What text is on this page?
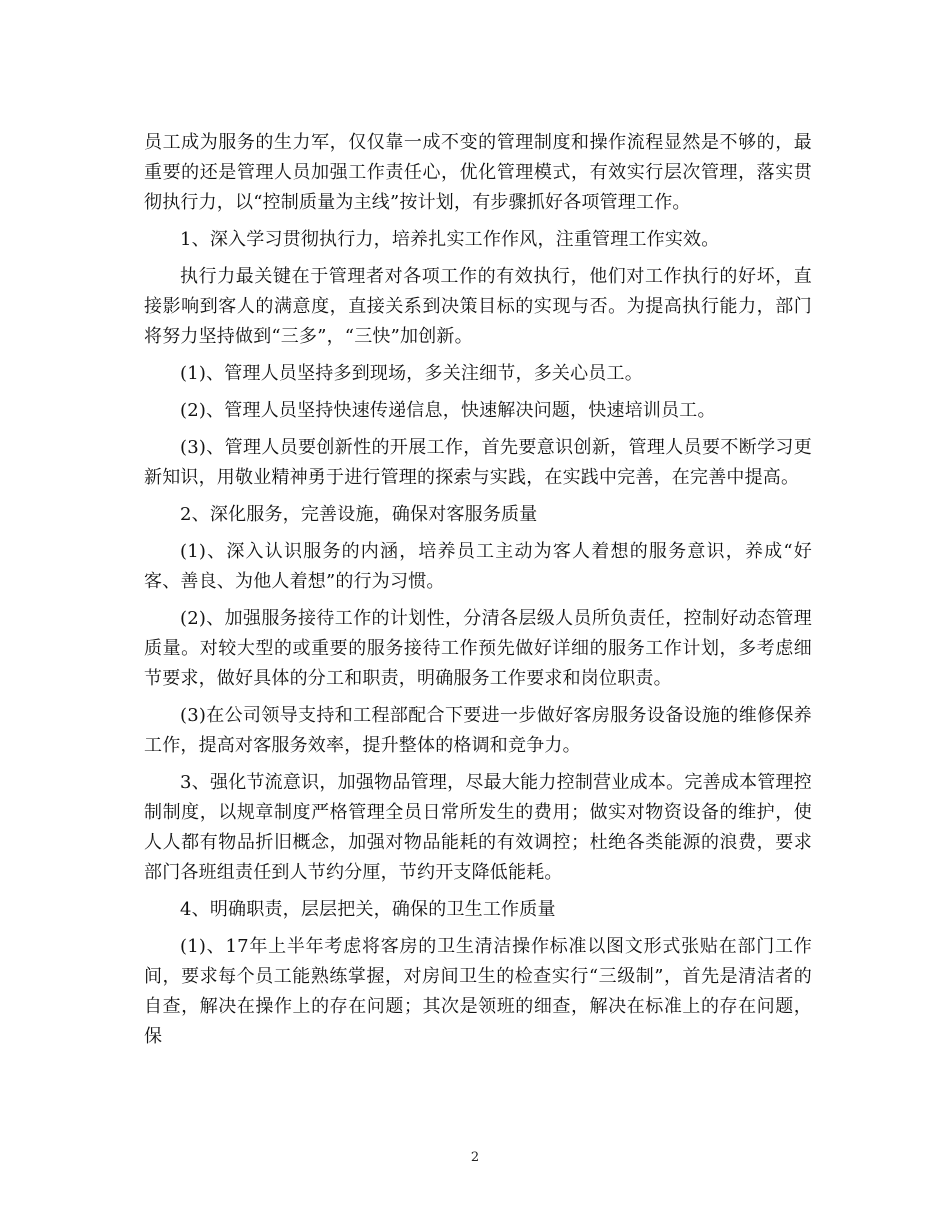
员工成为服务的生力军，仅仅靠一成不变的管理制度和操作流程显然是不够的，最重要的还是管理人员加强工作责任心，优化管理模式，有效实行层次管理，落实贯彻执行力，以“控制质量为主线”按计划，有步骤抓好各项管理工作。

1、深入学习贯彻执行力，培养扎实工作作风，注重管理工作实效。

执行力最关键在于管理者对各项工作的有效执行，他们对工作执行的好坏，直接影响到客人的满意度，直接关系到决策目标的实现与否。为提高执行能力，部门将努力坚持做到“三多”，“三快”加创新。

(1)、管理人员坚持多到现场，多关注细节，多关心员工。

(2)、管理人员坚持快速传递信息，快速解决问题，快速培训员工。

(3)、管理人员要创新性的开展工作，首先要意识创新，管理人员要不断学习更新知识，用敬业精神勇于进行管理的探索与实践，在实践中完善，在完善中提高。

2、深化服务，完善设施，确保对客服务质量

(1)、深入认识服务的内涵，培养员工主动为客人着想的服务意识，养成“好客、善良、为他人着想”的行为习惯。

(2)、加强服务接待工作的计划性，分清各层级人员所负责任，控制好动态管理质量。对较大型的或重要的服务接待工作预先做好详细的服务工作计划，多考虑细节要求，做好具体的分工和职责，明确服务工作要求和岗位职责。

(3)在公司领导支持和工程部配合下要进一步做好客房服务设备设施的维修保养工作，提高对客服务效率，提升整体的格调和竞争力。

3、强化节流意识，加强物品管理，尽最大能力控制营业成本。完善成本管理控制制度，以规章制度严格管理全员日常所发生的费用；做实对物资设备的维护，使人人都有物品折旧概念，加强对物品能耗的有效调控；杜绝各类能源的浪费，要求部门各班组责任到人节约分厘，节约开支降低能耗。

4、明确职责，层层把关，确保的卫生工作质量

(1)、17年上半年考虑将客房的卫生清洁操作标准以图文形式张贴在部门工作间，要求每个员工能熟练掌握，对房间卫生的检查实行“三级制”，首先是清洁者的自查，解决在操作上的存在问题；其次是领班的细查，解决在标准上的存在问题，保

2
